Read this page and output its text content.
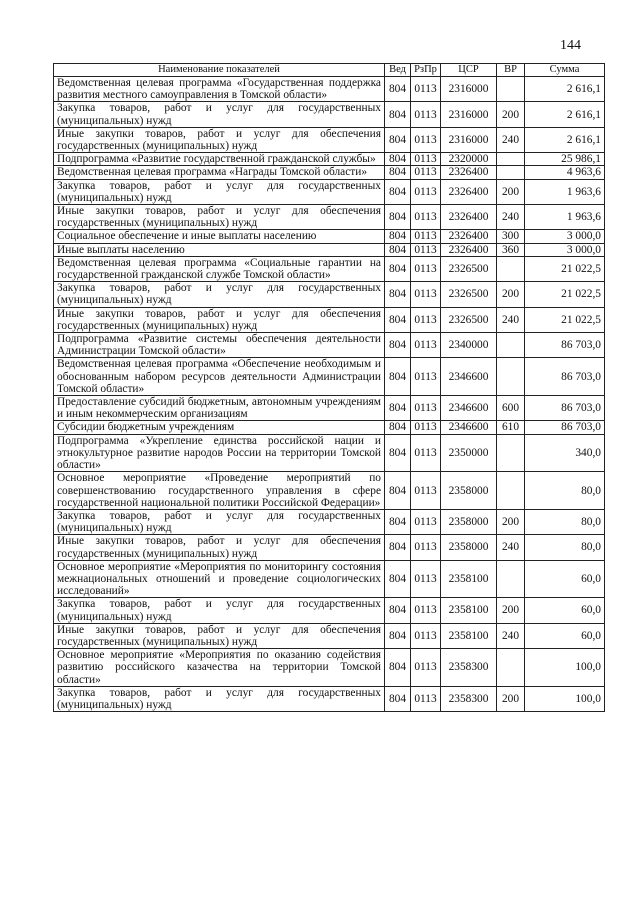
144
Наименование показателей	Вед	РзПр	ЦСР	ВР	Сумма
Ведомственная целевая программа «Государственная поддержка развития местного самоуправления в Томской области»	804	0113	2316000		2 616,1
Закупка товаров, работ и услуг для государственных (муниципальных) нужд	804	0113	2316000	200	2 616,1
Иные закупки товаров, работ и услуг для обеспечения государственных (муниципальных) нужд	804	0113	2316000	240	2 616,1
Подпрограмма «Развитие государственной гражданской службы»	804	0113	2320000		25 986,1
Ведомственная целевая программа «Награды Томской области»	804	0113	2326400		4 963,6
Закупка товаров, работ и услуг для государственных (муниципальных) нужд	804	0113	2326400	200	1 963,6
Иные закупки товаров, работ и услуг для обеспечения государственных (муниципальных) нужд	804	0113	2326400	240	1 963,6
Социальное обеспечение и иные выплаты населению	804	0113	2326400	300	3 000,0
Иные выплаты населению	804	0113	2326400	360	3 000,0
Ведомственная целевая программа «Социальные гарантии на государственной гражданской службе Томской области»	804	0113	2326500		21 022,5
Закупка товаров, работ и услуг для государственных (муниципальных) нужд	804	0113	2326500	200	21 022,5
Иные закупки товаров, работ и услуг для обеспечения государственных (муниципальных) нужд	804	0113	2326500	240	21 022,5
Подпрограмма «Развитие системы обеспечения деятельности Администрации Томской области»	804	0113	2340000		86 703,0
Ведомственная целевая программа «Обеспечение необходимым и обоснованным набором ресурсов деятельности Администрации Томской области»	804	0113	2346600		86 703,0
Предоставление субсидий бюджетным, автономным учреждениям и иным некоммерческим организациям	804	0113	2346600	600	86 703,0
Субсидии бюджетным учреждениям	804	0113	2346600	610	86 703,0
Подпрограмма «Укрепление единства российской нации и этнокультурное развитие народов России на территории Томской области»	804	0113	2350000		340,0
Основное мероприятие «Проведение мероприятий по совершенствованию государственного управления в сфере государственной национальной политики Российской Федерации»	804	0113	2358000		80,0
Закупка товаров, работ и услуг для государственных (муниципальных) нужд	804	0113	2358000	200	80,0
Иные закупки товаров, работ и услуг для обеспечения государственных (муниципальных) нужд	804	0113	2358000	240	80,0
Основное мероприятие «Мероприятия по мониторингу состояния межнациональных отношений и проведение социологических исследований»	804	0113	2358100		60,0
Закупка товаров, работ и услуг для государственных (муниципальных) нужд	804	0113	2358100	200	60,0
Иные закупки товаров, работ и услуг для обеспечения государственных (муниципальных) нужд	804	0113	2358100	240	60,0
Основное мероприятие «Мероприятия по оказанию содействия развитию российского казачества на территории Томской области»	804	0113	2358300		100,0
Закупка товаров, работ и услуг для государственных (муниципальных) нужд	804	0113	2358300	200	100,0
